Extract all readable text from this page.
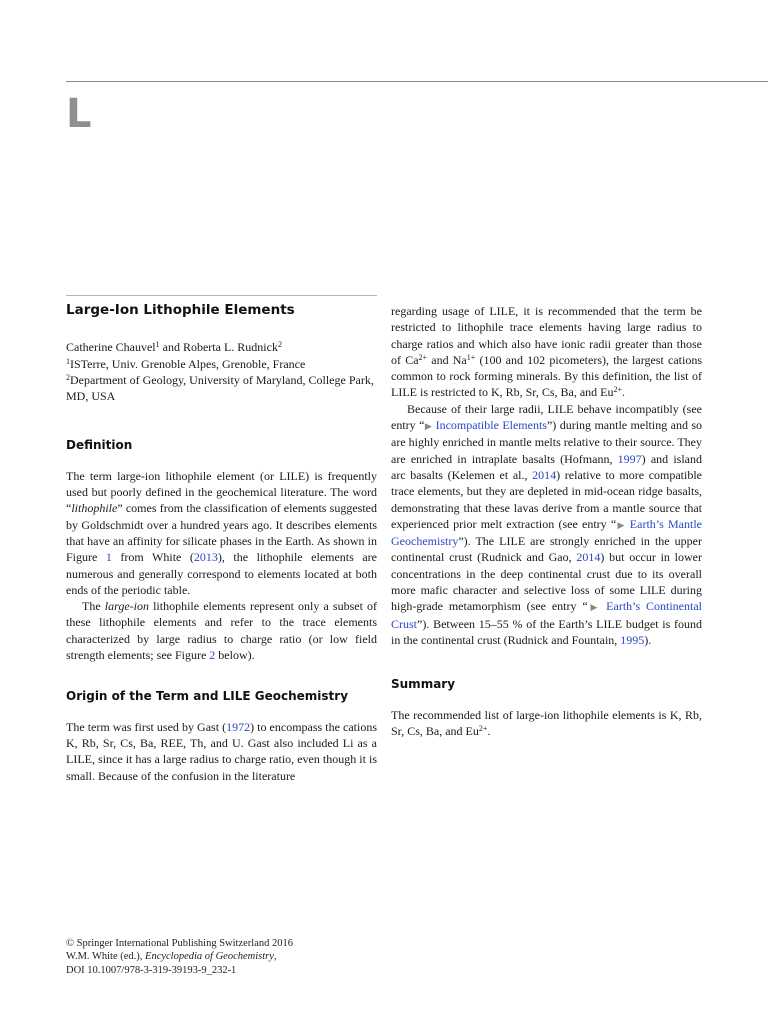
L
Large-Ion Lithophile Elements

Catherine Chauvel$^1$ and Roberta L. Rudnick$^2$

$^1$ISTerre, Univ. Grenoble Alpes, Grenoble, France

$^2$Department of Geology, University of Maryland, College Park, MD, USA

Definition

The term large-ion lithophile element (or LILE) is frequently used but poorly defined in the geochemical literature. The word “lithophile” comes from the classification of elements suggested by Goldschmidt over a hundred years ago. It describes elements that have an affinity for silicate phases in the Earth. As shown in Figure 1 from White (2013), the lithophile elements are numerous and generally correspond to elements located at both ends of the periodic table.

The large-ion lithophile elements represent only a subset of these lithophile elements and refer to the trace elements characterized by large radius to charge ratio (or low field strength elements; see Figure 2 below).

Origin of the Term and LILE Geochemistry

The term was first used by Gast (1972) to encompass the cations K, Rb, Sr, Cs, Ba, REE, Th, and U. Gast also included Li as a LILE, since it has a large radius to charge ratio, even though it is small. Because of the confusion in the literature

regarding usage of LILE, it is recommended that the term be restricted to lithophile trace elements having large radius to charge ratios and which also have ionic radii greater than those of $Ca^{2+}$ and $Na^{1+}$ (100 and 102 picometers), the largest cations common to rock forming minerals. By this definition, the list of LILE is restricted to K, Rb, Sr, Cs, Ba, and $Eu^{2+}$.

Because of their large radii, LILE behave incompatibly (see entry “▶ Incompatible Elements”) during mantle melting and so are highly enriched in mantle melts relative to their source. They are enriched in intraplate basalts (Hofmann, 1997) and island arc basalts (Kelemen et al., 2014) relative to more compatible trace elements, but they are depleted in mid-ocean ridge basalts, demonstrating that these lavas derive from a mantle source that experienced prior melt extraction (see entry “▶ Earth’s Mantle Geochemistry”). The LILE are strongly enriched in the upper continental crust (Rudnick and Gao, 2014) but occur in lower concentrations in the deep continental crust due to its overall more mafic character and selective loss of some LILE during high-grade metamorphism (see entry “▶ Earth’s Continental Crust”). Between 15–55 % of the Earth’s LILE budget is found in the continental crust (Rudnick and Fountain, 1995).

Summary

The recommended list of large-ion lithophile elements is K, Rb, Sr, Cs, Ba, and $Eu^{2+}$.

© Springer International Publishing Switzerland 2016

W.M. White (ed.), Encyclopedia of Geochemistry,

DOI 10.1007/978-3-319-39193-9_232-1
